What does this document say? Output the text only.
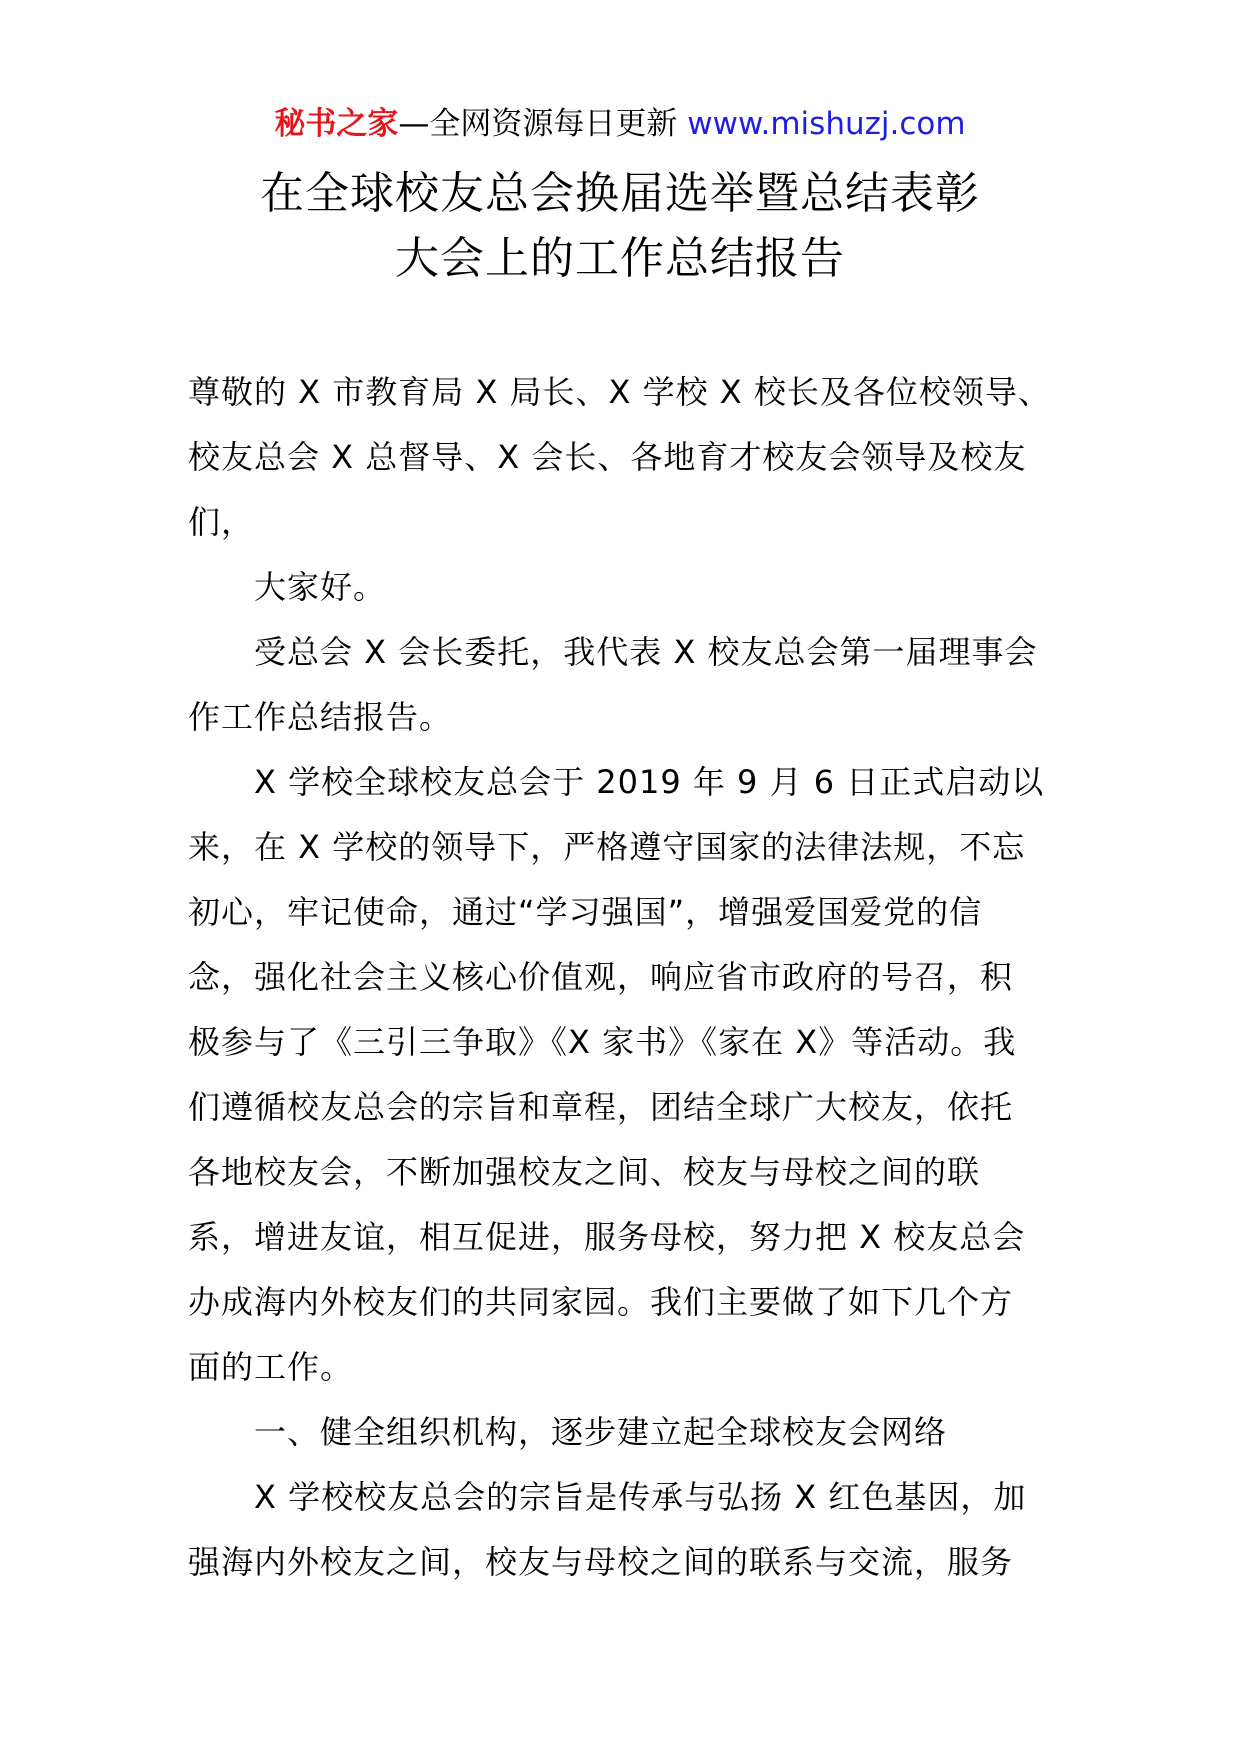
秘书之家—全网资源每日更新 www.mishuzj.com
在全球校友总会换届选举暨总结表彰
大会上的工作总结报告
尊敬的 X 市教育局 X 局长、X 学校 X 校长及各位校领导、
校友总会 X 总督导、X 会长、各地育才校友会领导及校友
们，
大家好。
受总会 X 会长委托，我代表 X 校友总会第一届理事会
作工作总结报告。
X 学校全球校友总会于 2019 年 9 月 6 日正式启动以
来，在 X 学校的领导下，严格遵守国家的法律法规，不忘
初心，牢记使命，通过“学习强国”，增强爱国爱党的信
念，强化社会主义核心价值观，响应省市政府的号召，积
极参与了《三引三争取》《X 家书》《家在 X》等活动。我
们遵循校友总会的宗旨和章程，团结全球广大校友，依托
各地校友会，不断加强校友之间、校友与母校之间的联
系，增进友谊，相互促进，服务母校，努力把 X 校友总会
办成海内外校友们的共同家园。我们主要做了如下几个方
面的工作。
一、健全组织机构，逐步建立起全球校友会网络
X 学校校友总会的宗旨是传承与弘扬 X 红色基因，加
强海内外校友之间，校友与母校之间的联系与交流，服务
